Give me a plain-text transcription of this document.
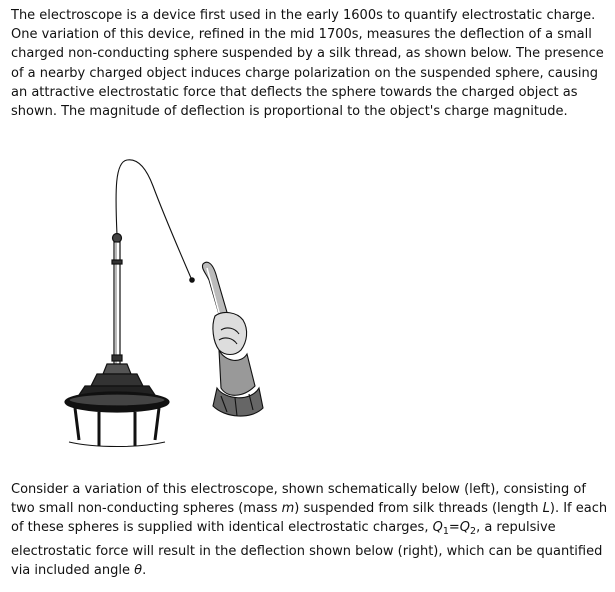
The electroscope is a device first used in the early 1600s to quantify electrostatic charge. One variation of this device, refined in the mid 1700s, measures the deflection of a small charged non-conducting sphere suspended by a silk thread, as shown below. The presence of a nearby charged object induces charge polarization on the suspended sphere, causing an attractive electrostatic force that deflects the sphere towards the charged object as shown. The magnitude of deflection is proportional to the object's charge magnitude.

Consider a variation of this electroscope, shown schematically below (left), consisting of two small non-conducting spheres (mass m) suspended from silk threads (length L). If each of these spheres is supplied with identical electrostatic charges, $Q_1=Q_2$, a repulsive electrostatic force will result in the deflection shown below (right), which can be quantified via included angle θ.
